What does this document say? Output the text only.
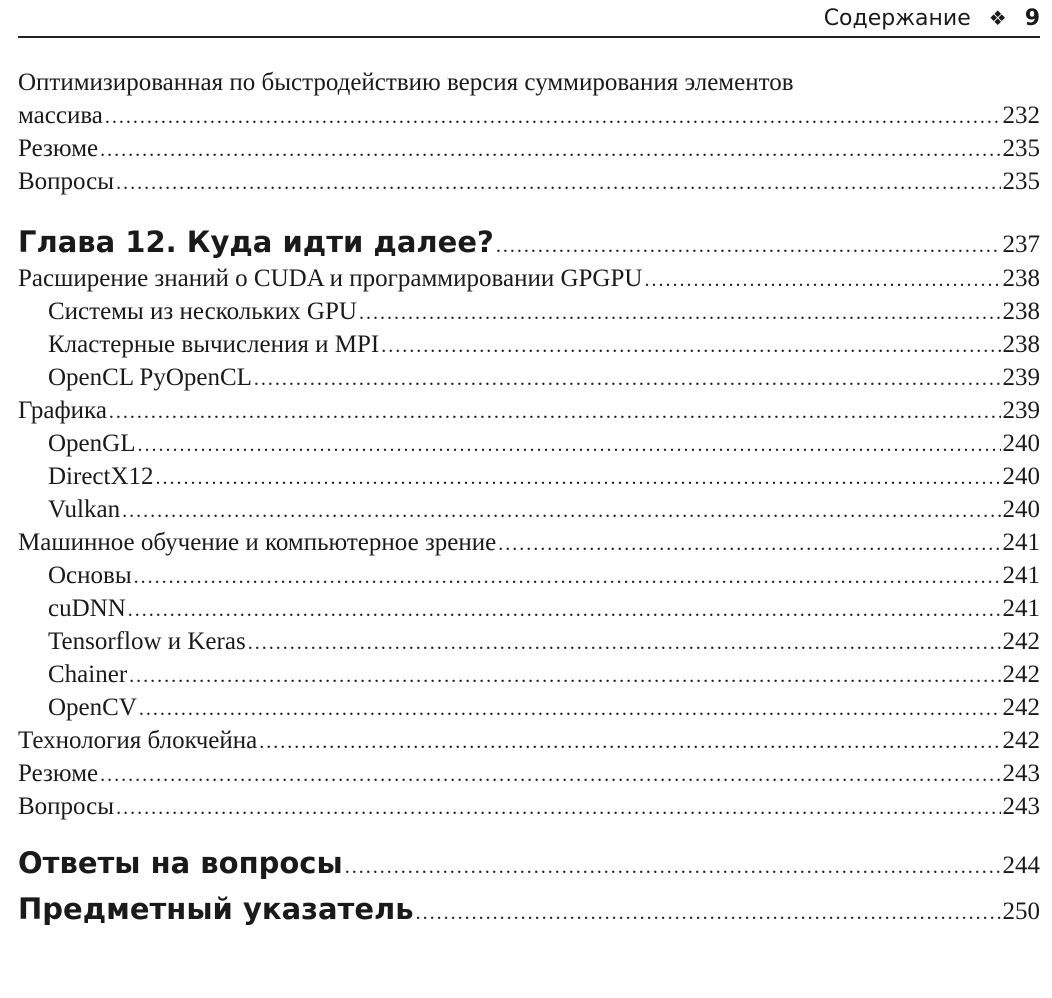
Содержание ❖ 9
Оптимизированная по быстродействию версия суммирования элементов
массива .....	232
Резюме .....	235
Вопросы .....	235
Глава 12. Куда идти далее? .....	237
Расширение знаний о CUDA и программировании GPGPU .....	238
Системы из нескольких GPU .....	238
Кластерные вычисления и MPI .....	238
OpenCL PyOpenCL .....	239
Графика .....	239
OpenGL .....	240
DirectX12 .....	240
Vulkan .....	240
Машинное обучение и компьютерное зрение .....	241
Основы .....	241
cuDNN .....	241
Tensorflow и Keras .....	242
Chainer .....	242
OpenCV .....	242
Технология блокчейна .....	242
Резюме .....	243
Вопросы .....	243
Ответы на вопросы .....	244
Предметный указатель .....	250
